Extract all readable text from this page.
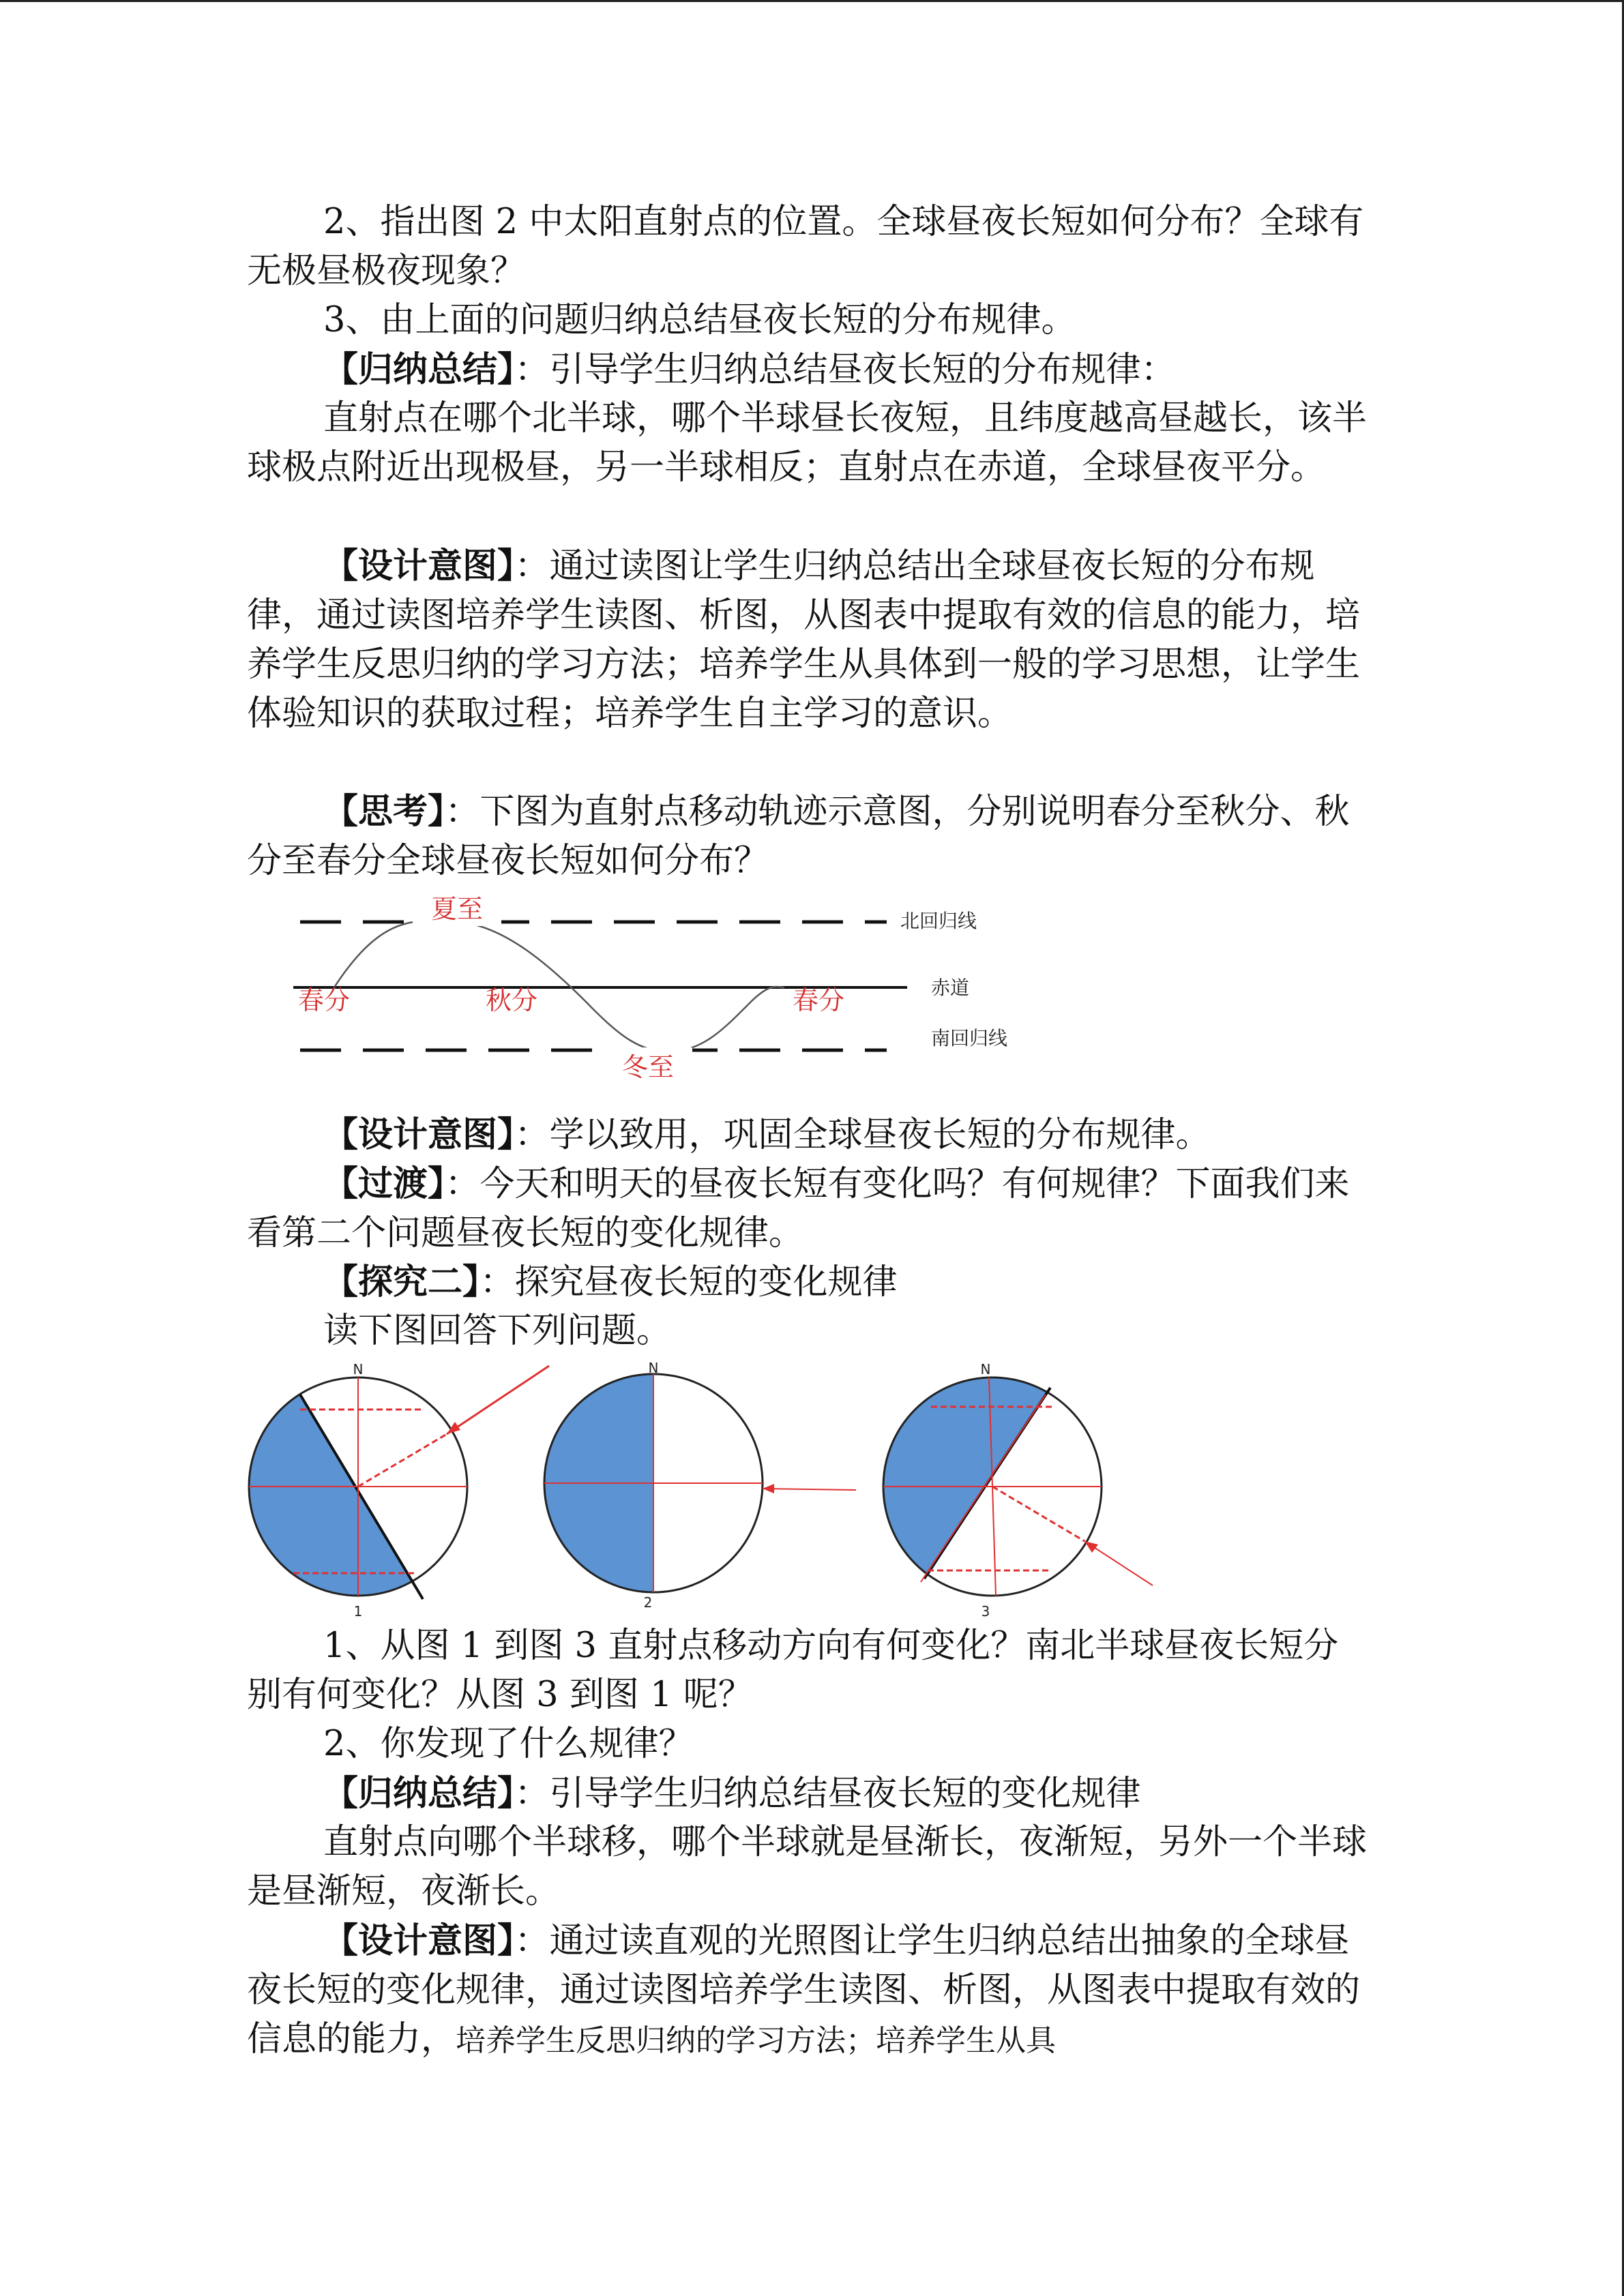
2、指出图 2 中太阳直射点的位置。全球昼夜长短如何分布？全球有无极昼极夜现象？

3、由上面的问题归纳总结昼夜长短的分布规律。

【归纳总结】：引导学生归纳总结昼夜长短的分布规律：

直射点在哪个北半球，哪个半球昼长夜短，且纬度越高昼越长，该半球极点附近出现极昼，另一半球相反；直射点在赤道，全球昼夜平分。

【设计意图】：通过读图让学生归纳总结出全球昼夜长短的分布规律，通过读图培养学生读图、析图，从图表中提取有效的信息的能力，培养学生反思归纳的学习方法；培养学生从具体到一般的学习思想，让学生体验知识的获取过程；培养学生自主学习的意识。

【思考】：下图为直射点移动轨迹示意图，分别说明春分至秋分、秋分至春分全球昼夜长短如何分布？

夏至
春分	秋分	春分
冬至
北回归线
赤道
南回归线

【设计意图】：学以致用，巩固全球昼夜长短的分布规律。

【过渡】：今天和明天的昼夜长短有变化吗？有何规律？下面我们来看第二个问题昼夜长短的变化规律。

【探究二】：探究昼夜长短的变化规律

读下图回答下列问题。

N
1
N
2
N
3

1、从图 1 到图 3 直射点移动方向有何变化？南北半球昼夜长短分别有何变化？从图 3 到图 1 呢？

2、你发现了什么规律？

【归纳总结】：引导学生归纳总结昼夜长短的变化规律

直射点向哪个半球移，哪个半球就是昼渐长，夜渐短，另外一个半球是昼渐短，夜渐长。

【设计意图】：通过读直观的光照图让学生归纳总结出抽象的全球昼夜长短的变化规律，通过读图培养学生读图、析图，从图表中提取有效的信息的能力，培养学生反思归纳的学习方法；培养学生从具
